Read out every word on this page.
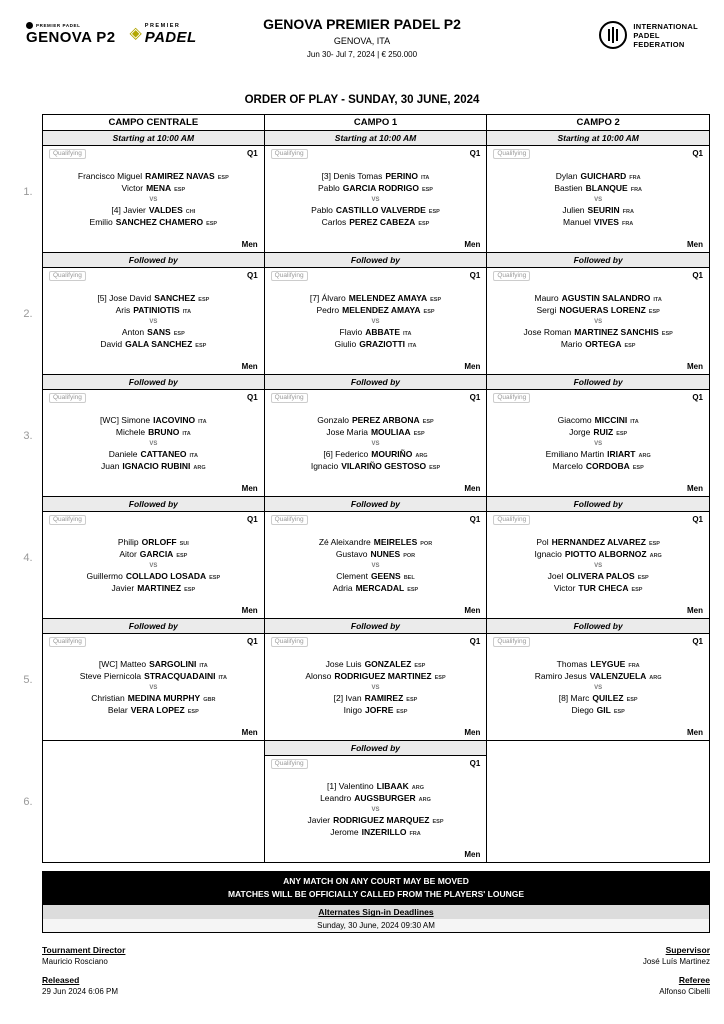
PREMIER PADEL
GENOVA P2 ◈ PREMIER
PADEL
GENOVA PREMIER PADEL P2
GENOVA, ITA
Jun 30- Jul 7, 2024 | € 250.000
INTERNATIONAL
PADEL
FEDERATION
ORDER OF PLAY - SUNDAY, 30 JUNE, 2024
CAMPO CENTRALE	CAMPO 1	CAMPO 2
1.
Starting at 10:00 AM
Qualifying	Q1
Francisco Miguel RAMIREZ NAVAS ESP
Victor MENA ESP
VS
[4] Javier VALDES CHI
Emilio SANCHEZ CHAMERO ESP
Men
Starting at 10:00 AM
Qualifying	Q1
[3] Denis Tomas PERINO ITA
Pablo GARCIA RODRIGO ESP
VS
Pablo CASTILLO VALVERDE ESP
Carlos PEREZ CABEZA ESP
Men
Starting at 10:00 AM
Qualifying	Q1
Dylan GUICHARD FRA
Bastien BLANQUE FRA
VS
Julien SEURIN FRA
Manuel VIVES FRA
Men
2.
Followed by
Qualifying	Q1
[5] Jose David SANCHEZ ESP
Aris PATINIOTIS ITA
VS
Anton SANS ESP
David GALA SANCHEZ ESP
Men
Followed by
Qualifying	Q1
[7] Álvaro MELENDEZ AMAYA ESP
Pedro MELENDEZ AMAYA ESP
VS
Flavio ABBATE ITA
Giulio GRAZIOTTI ITA
Men
Followed by
Qualifying	Q1
Mauro AGUSTIN SALANDRO ITA
Sergi NOGUERAS LORENZ ESP
VS
Jose Roman MARTINEZ SANCHIS ESP
Mario ORTEGA ESP
Men
3.
Followed by
Qualifying	Q1
[WC] Simone IACOVINO ITA
Michele BRUNO ITA
VS
Daniele CATTANEO ITA
Juan IGNACIO RUBINI ARG
Men
Followed by
Qualifying	Q1
Gonzalo PEREZ ARBONA ESP
Jose Maria MOULIAA ESP
VS
[6] Federico MOURIÑO ARG
Ignacio VILARIÑO GESTOSO ESP
Men
Followed by
Qualifying	Q1
Giacomo MICCINI ITA
Jorge RUIZ ESP
VS
Emiliano Martin IRIART ARG
Marcelo CORDOBA ESP
Men
4.
Followed by
Qualifying	Q1
Philip ORLOFF SUI
Aitor GARCIA ESP
VS
Guillermo COLLADO LOSADA ESP
Javier MARTINEZ ESP
Men
Followed by
Qualifying	Q1
Zé Aleixandre MEIRELES POR
Gustavo NUNES POR
VS
Clement GEENS BEL
Adria MERCADAL ESP
Men
Followed by
Qualifying	Q1
Pol HERNANDEZ ALVAREZ ESP
Ignacio PIOTTO ALBORNOZ ARG
VS
Joel OLIVERA PALOS ESP
Victor TUR CHECA ESP
Men
5.
Followed by
Qualifying	Q1
[WC] Matteo SARGOLINI ITA
Steve Piernicola STRACQUADAINI ITA
VS
Christian MEDINA MURPHY GBR
Belar VERA LOPEZ ESP
Men
Followed by
Qualifying	Q1
Jose Luis GONZALEZ ESP
Alonso RODRIGUEZ MARTINEZ ESP
VS
[2] Ivan RAMIREZ ESP
Inigo JOFRE ESP
Men
Followed by
Qualifying	Q1
Thomas LEYGUE FRA
Ramiro Jesus VALENZUELA ARG
VS
[8] Marc QUILEZ ESP
Diego GIL ESP
Men
6.
Followed by
Qualifying	Q1
[1] Valentino LIBAAK ARG
Leandro AUGSBURGER ARG
VS
Javier RODRIGUEZ MARQUEZ ESP
Jerome INZERILLO FRA
Men
ANY MATCH ON ANY COURT MAY BE MOVED
MATCHES WILL BE OFFICIALLY CALLED FROM THE PLAYERS' LOUNGE
Alternates Sign-in Deadlines
Sunday, 30 June, 2024 09:30 AM
Tournament Director
Mauricio Rosciano
Released
29 Jun 2024 6:06 PM
Supervisor
José Luís Martinez
Referee
Alfonso Cibelli
